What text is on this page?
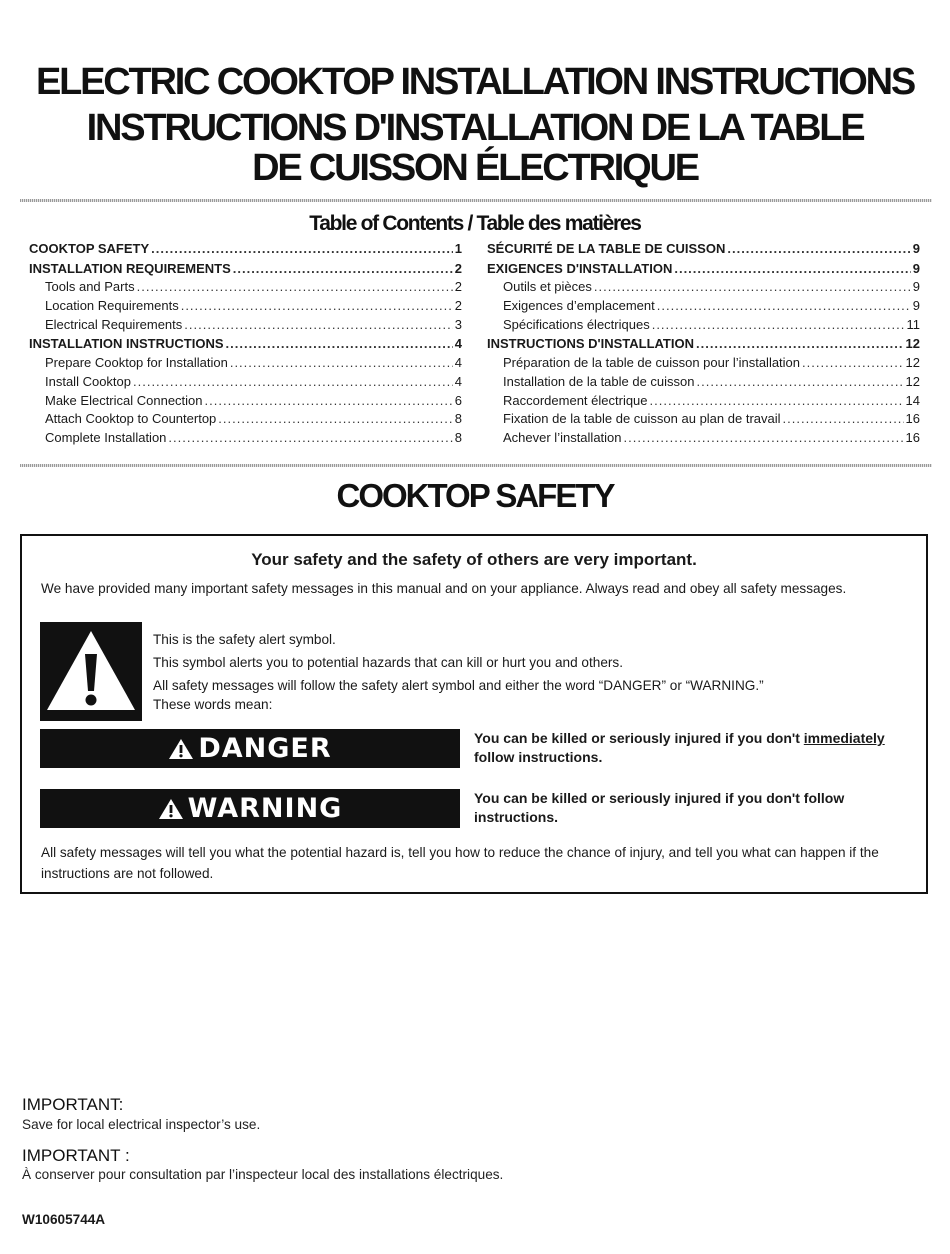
ELECTRIC COOKTOP INSTALLATION INSTRUCTIONS
INSTRUCTIONS D'INSTALLATION DE LA TABLE
DE CUISSON ÉLECTRIQUE
Table of Contents / Table des matières
COOKTOP SAFETY .....	1
INSTALLATION REQUIREMENTS .....	2
Tools and Parts .....	2
Location Requirements .....	2
Electrical Requirements .....	3
INSTALLATION INSTRUCTIONS .....	4
Prepare Cooktop for Installation .....	4
Install Cooktop .....	4
Make Electrical Connection .....	6
Attach Cooktop to Countertop .....	8
Complete Installation .....	8
SÉCURITÉ DE LA TABLE DE CUISSON .....	9
EXIGENCES D'INSTALLATION .....	9
Outils et pièces .....	9
Exigences d’emplacement .....	9
Spécifications électriques .....	11
INSTRUCTIONS D'INSTALLATION .....	12
Préparation de la table de cuisson pour l’installation .....	12
Installation de la table de cuisson .....	12
Raccordement électrique .....	14
Fixation de la table de cuisson au plan de travail .....	16
Achever l’installation .....	16
COOKTOP SAFETY
Your safety and the safety of others are very important.
We have provided many important safety messages in this manual and on your appliance. Always read and obey all safety messages.
This is the safety alert symbol.
This symbol alerts you to potential hazards that can kill or hurt you and others.
All safety messages will follow the safety alert symbol and either the word “DANGER” or “WARNING.”
These words mean:
DANGER	You can be killed or seriously injured if you don't immediately
follow instructions.
WARNING	You can be killed or seriously injured if you don't follow instructions.
All safety messages will tell you what the potential hazard is, tell you how to reduce the chance of injury, and tell you what can happen if the instructions are not followed.
IMPORTANT:
Save for local electrical inspector’s use.
IMPORTANT :
À conserver pour consultation par l’inspecteur local des installations électriques.
W10605744A
